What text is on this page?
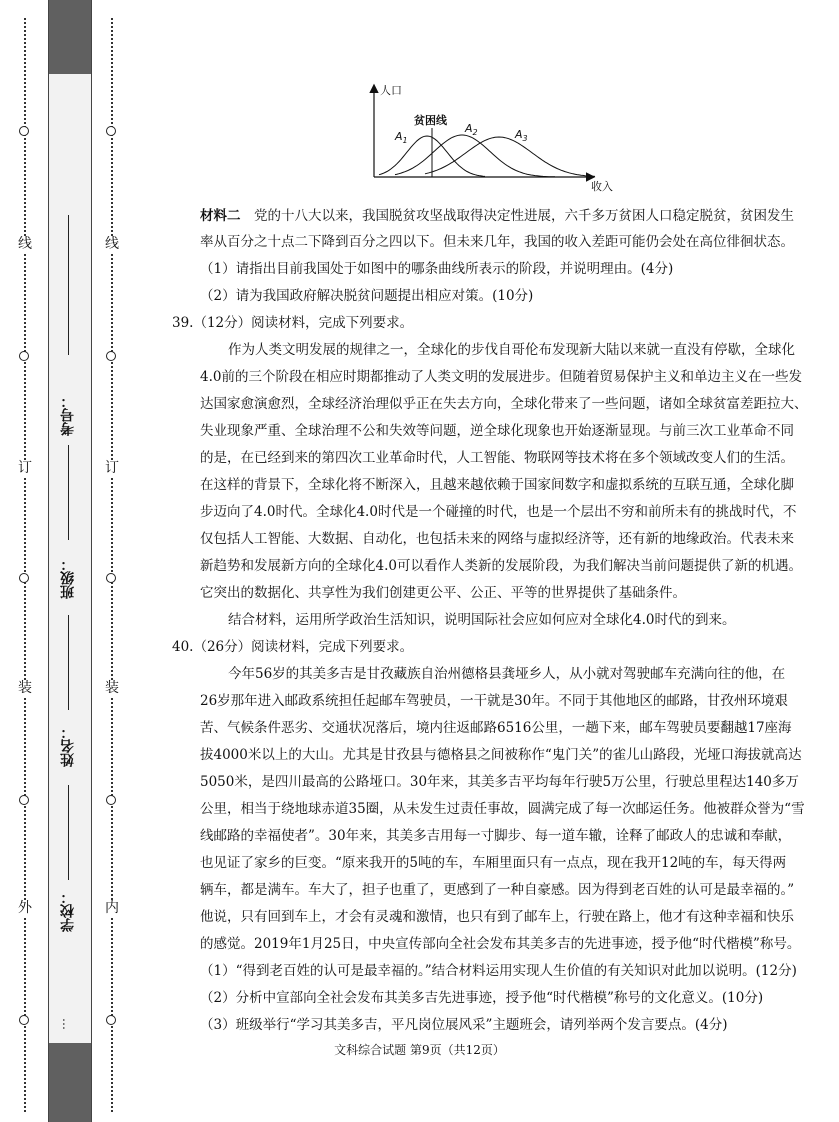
线
订
装
外
线
订
装
内
考号：
班级：
姓名：
学校：
…
人口
收入
贫困线
$A_1$
$A_2$	$A_3$
材料二　 党的十八大以来，我国脱贫攻坚战取得决定性进展，六千多万贫困人口稳定脱贫，贫困发生
率从百分之十点二下降到百分之四以下。但未来几年，我国的收入差距可能仍会处在高位徘徊状态。
（1）请指出目前我国处于如图中的哪条曲线所表示的阶段，并说明理由。(4分)
（2）请为我国政府解决脱贫问题提出相应对策。(10分)
39.（12分）阅读材料，完成下列要求。
作为人类文明发展的规律之一，全球化的步伐自哥伦布发现新大陆以来就一直没有停歇，全球化
4.0前的三个阶段在相应时期都推动了人类文明的发展进步。但随着贸易保护主义和单边主义在一些发
达国家愈演愈烈，全球经济治理似乎正在失去方向，全球化带来了一些问题，诸如全球贫富差距拉大、
失业现象严重、全球治理不公和失效等问题，逆全球化现象也开始逐渐显现。与前三次工业革命不同
的是，在已经到来的第四次工业革命时代，人工智能、物联网等技术将在多个领域改变人们的生活。
在这样的背景下，全球化将不断深入，且越来越依赖于国家间数字和虚拟系统的互联互通，全球化脚
步迈向了4.0时代。全球化4.0时代是一个碰撞的时代，也是一个层出不穷和前所未有的挑战时代，不
仅包括人工智能、大数据、自动化，也包括未来的网络与虚拟经济等，还有新的地缘政治。代表未来
新趋势和发展新方向的全球化4.0可以看作人类新的发展阶段，为我们解决当前问题提供了新的机遇。
它突出的数据化、共享性为我们创建更公平、公正、平等的世界提供了基础条件。
结合材料，运用所学政治生活知识，说明国际社会应如何应对全球化4.0时代的到来。
40.（26分）阅读材料，完成下列要求。
今年56岁的其美多吉是甘孜藏族自治州德格县龚垭乡人，从小就对驾驶邮车充满向往的他，在
26岁那年进入邮政系统担任起邮车驾驶员，一干就是30年。不同于其他地区的邮路，甘孜州环境艰
苦、气候条件恶劣、交通状况落后，境内往返邮路6516公里，一趟下来，邮车驾驶员要翻越17座海
拔4000米以上的大山。尤其是甘孜县与德格县之间被称作“鬼门关”的雀儿山路段，光垭口海拔就高达
5050米，是四川最高的公路垭口。30年来，其美多吉平均每年行驶5万公里，行驶总里程达140多万
公里，相当于绕地球赤道35圈，从未发生过责任事故，圆满完成了每一次邮运任务。他被群众誉为“雪
线邮路的幸福使者”。30年来，其美多吉用每一寸脚步、每一道车辙，诠释了邮政人的忠诚和奉献，
也见证了家乡的巨变。“原来我开的5吨的车，车厢里面只有一点点，现在我开12吨的车，每天得两
辆车，都是满车。车大了，担子也重了，更感到了一种自豪感。因为得到老百姓的认可是最幸福的。”
他说，只有回到车上，才会有灵魂和激情，也只有到了邮车上，行驶在路上，他才有这种幸福和快乐
的感觉。2019年1月25日，中央宣传部向全社会发布其美多吉的先进事迹，授予他“时代楷模”称号。
（1）“得到老百姓的认可是最幸福的。”结合材料运用实现人生价值的有关知识对此加以说明。(12分)
（2）分析中宣部向全社会发布其美多吉先进事迹，授予他“时代楷模”称号的文化意义。(10分)
（3）班级举行“学习其美多吉，平凡岗位展风采”主题班会，请列举两个发言要点。(4分)
文科综合试题 第9页（共12页）
